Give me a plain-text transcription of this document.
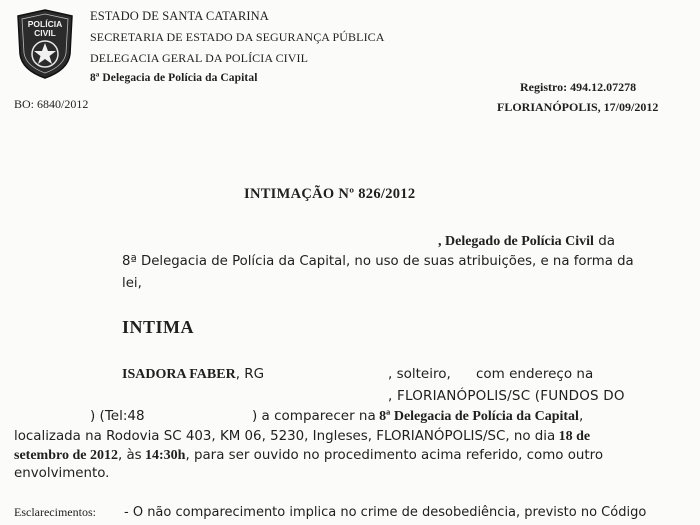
POLÍCIA
CIVIL
ESTADO DE SANTA CATARINA
SECRETARIA DE ESTADO DA SEGURANÇA PÚBLICA
DELEGACIA GERAL DA POLÍCIA CIVIL
8ª Delegacia de Polícia da Capital
Registro: 494.12.07278
BO: 6840/2012	FLORIANÓPOLIS, 17/09/2012
INTIMAÇÃO Nº 826/2012
, Delegado de Polícia Civil da
8ª Delegacia de Polícia da Capital, no uso de suas atribuições, e na forma da
lei,
INTIMA
ISADORA FABER, RG	, solteiro, com endereço na
, FLORIANÓPOLIS/SC (FUNDOS DO
) (Tel:48	) a comparecer na 8ª Delegacia de Polícia da Capital,
localizada na Rodovia SC 403, KM 06, 5230, Ingleses, FLORIANÓPOLIS/SC, no dia 18 de
setembro de 2012, às 14:30h, para ser ouvido no procedimento acima referido, como outro
envolvimento.
Esclarecimentos: - O não comparecimento implica no crime de desobediência, previsto no Código
